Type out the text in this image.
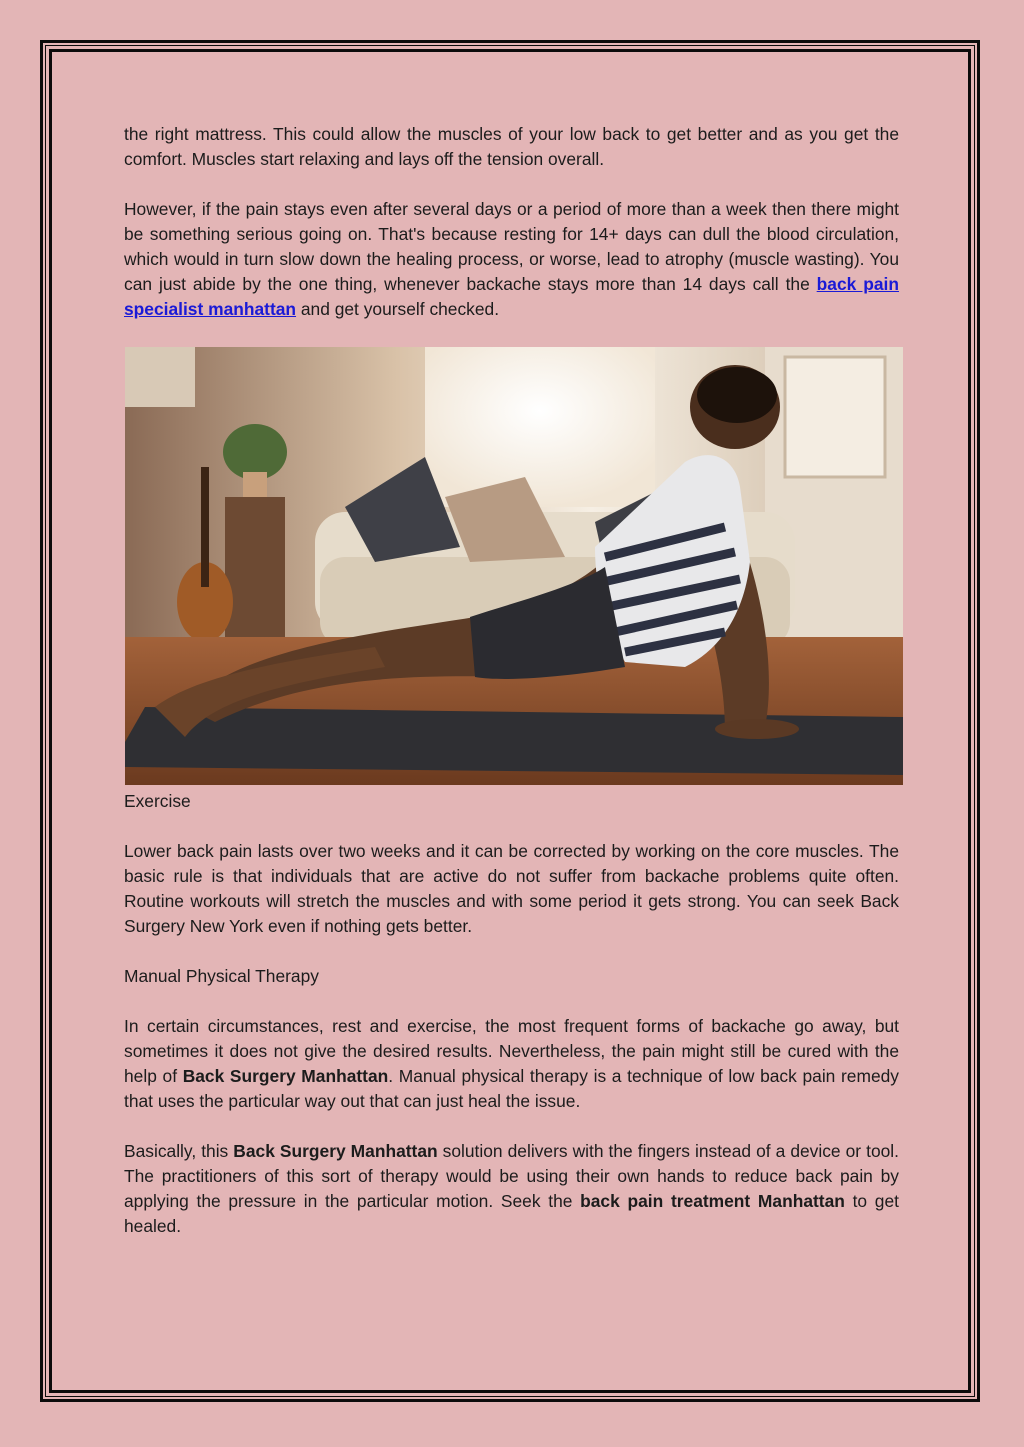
the right mattress. This could allow the muscles of your low back to get better and as you get the comfort. Muscles start relaxing and lays off the tension overall.

However, if the pain stays even after several days or a period of more than a week then there might be something serious going on. That's because resting for 14+ days can dull the blood circulation, which would in turn slow down the healing process, or worse, lead to atrophy (muscle wasting). You can just abide by the one thing, whenever backache stays more than 14 days call the back pain specialist manhattan and get yourself checked.

Exercise

Lower back pain lasts over two weeks and it can be corrected by working on the core muscles. The basic rule is that individuals that are active do not suffer from backache problems quite often. Routine workouts will stretch the muscles and with some period it gets strong. You can seek Back Surgery New York even if nothing gets better.

Manual Physical Therapy

In certain circumstances, rest and exercise, the most frequent forms of backache go away, but sometimes it does not give the desired results. Nevertheless, the pain might still be cured with the help of Back Surgery Manhattan. Manual physical therapy is a technique of low back pain remedy that uses the particular way out that can just heal the issue.

Basically, this Back Surgery Manhattan solution delivers with the fingers instead of a device or tool. The practitioners of this sort of therapy would be using their own hands to reduce back pain by applying the pressure in the particular motion. Seek the back pain treatment Manhattan to get healed.
